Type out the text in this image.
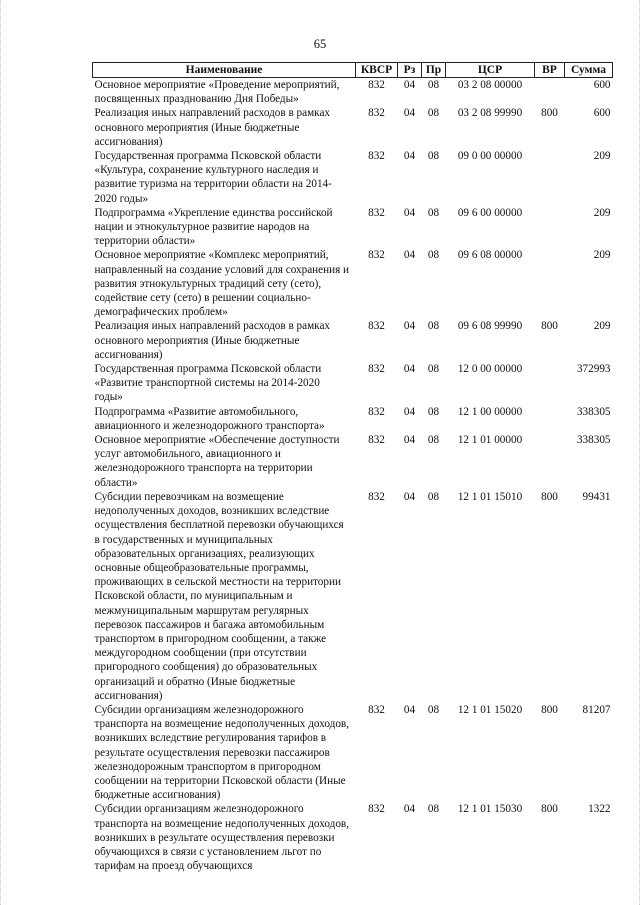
65
Наименование	КВСР	Рз	Пр	ЦСР	ВР	Сумма
Основное мероприятие «Проведение мероприятий, посвященных празднованию Дня Победы»	832	04	08	03 2 08 00000		600
Реализация иных направлений расходов в рамках основного мероприятия (Иные бюджетные ассигнования)	832	04	08	03 2 08 99990	800	600
Государственная программа Псковской области «Культура, сохранение культурного наследия и развитие туризма на территории области на 2014-2020 годы»	832	04	08	09 0 00 00000		209
Подпрограмма «Укрепление единства российской нации и этнокультурное развитие народов на территории области»	832	04	08	09 6 00 00000		209
Основное мероприятие «Комплекс мероприятий, направленный на создание условий для сохранения и развития этнокультурных традиций сету (сето), содействие сету (сето) в решении социально-демографических проблем»	832	04	08	09 6 08 00000		209
Реализация иных направлений расходов в рамках основного мероприятия (Иные бюджетные ассигнования)	832	04	08	09 6 08 99990	800	209
Государственная программа Псковской области «Развитие транспортной системы на 2014-2020 годы»	832	04	08	12 0 00 00000		372993
Подпрограмма «Развитие автомобильного, авиационного и железнодорожного транспорта»	832	04	08	12 1 00 00000		338305
Основное мероприятие «Обеспечение доступности услуг автомобильного, авиационного и железнодорожного транспорта на территории области»	832	04	08	12 1 01 00000		338305
Субсидии перевозчикам на возмещение недополученных доходов, возникших вследствие осуществления бесплатной перевозки обучающихся в государственных и муниципальных образовательных организациях, реализующих основные общеобразовательные программы, проживающих в сельской местности на территории Псковской области, по муниципальным и межмуниципальным маршрутам регулярных перевозок пассажиров и багажа автомобильным транспортом в пригородном сообщении, а также междугородном сообщении (при отсутствии пригородного сообщения) до образовательных организаций и обратно (Иные бюджетные ассигнования)	832	04	08	12 1 01 15010	800	99431
Субсидии организациям железнодорожного транспорта на возмещение недополученных доходов, возникших вследствие регулирования тарифов в результате осуществления перевозки пассажиров железнодорожным транспортом в пригородном сообщении на территории Псковской области (Иные бюджетные ассигнования)	832	04	08	12 1 01 15020	800	81207
Субсидии организациям железнодорожного транспорта на возмещение недополученных доходов, возникших в результате осуществления перевозки обучающихся в связи с установлением льгот по тарифам на проезд обучающихся	832	04	08	12 1 01 15030	800	1322
